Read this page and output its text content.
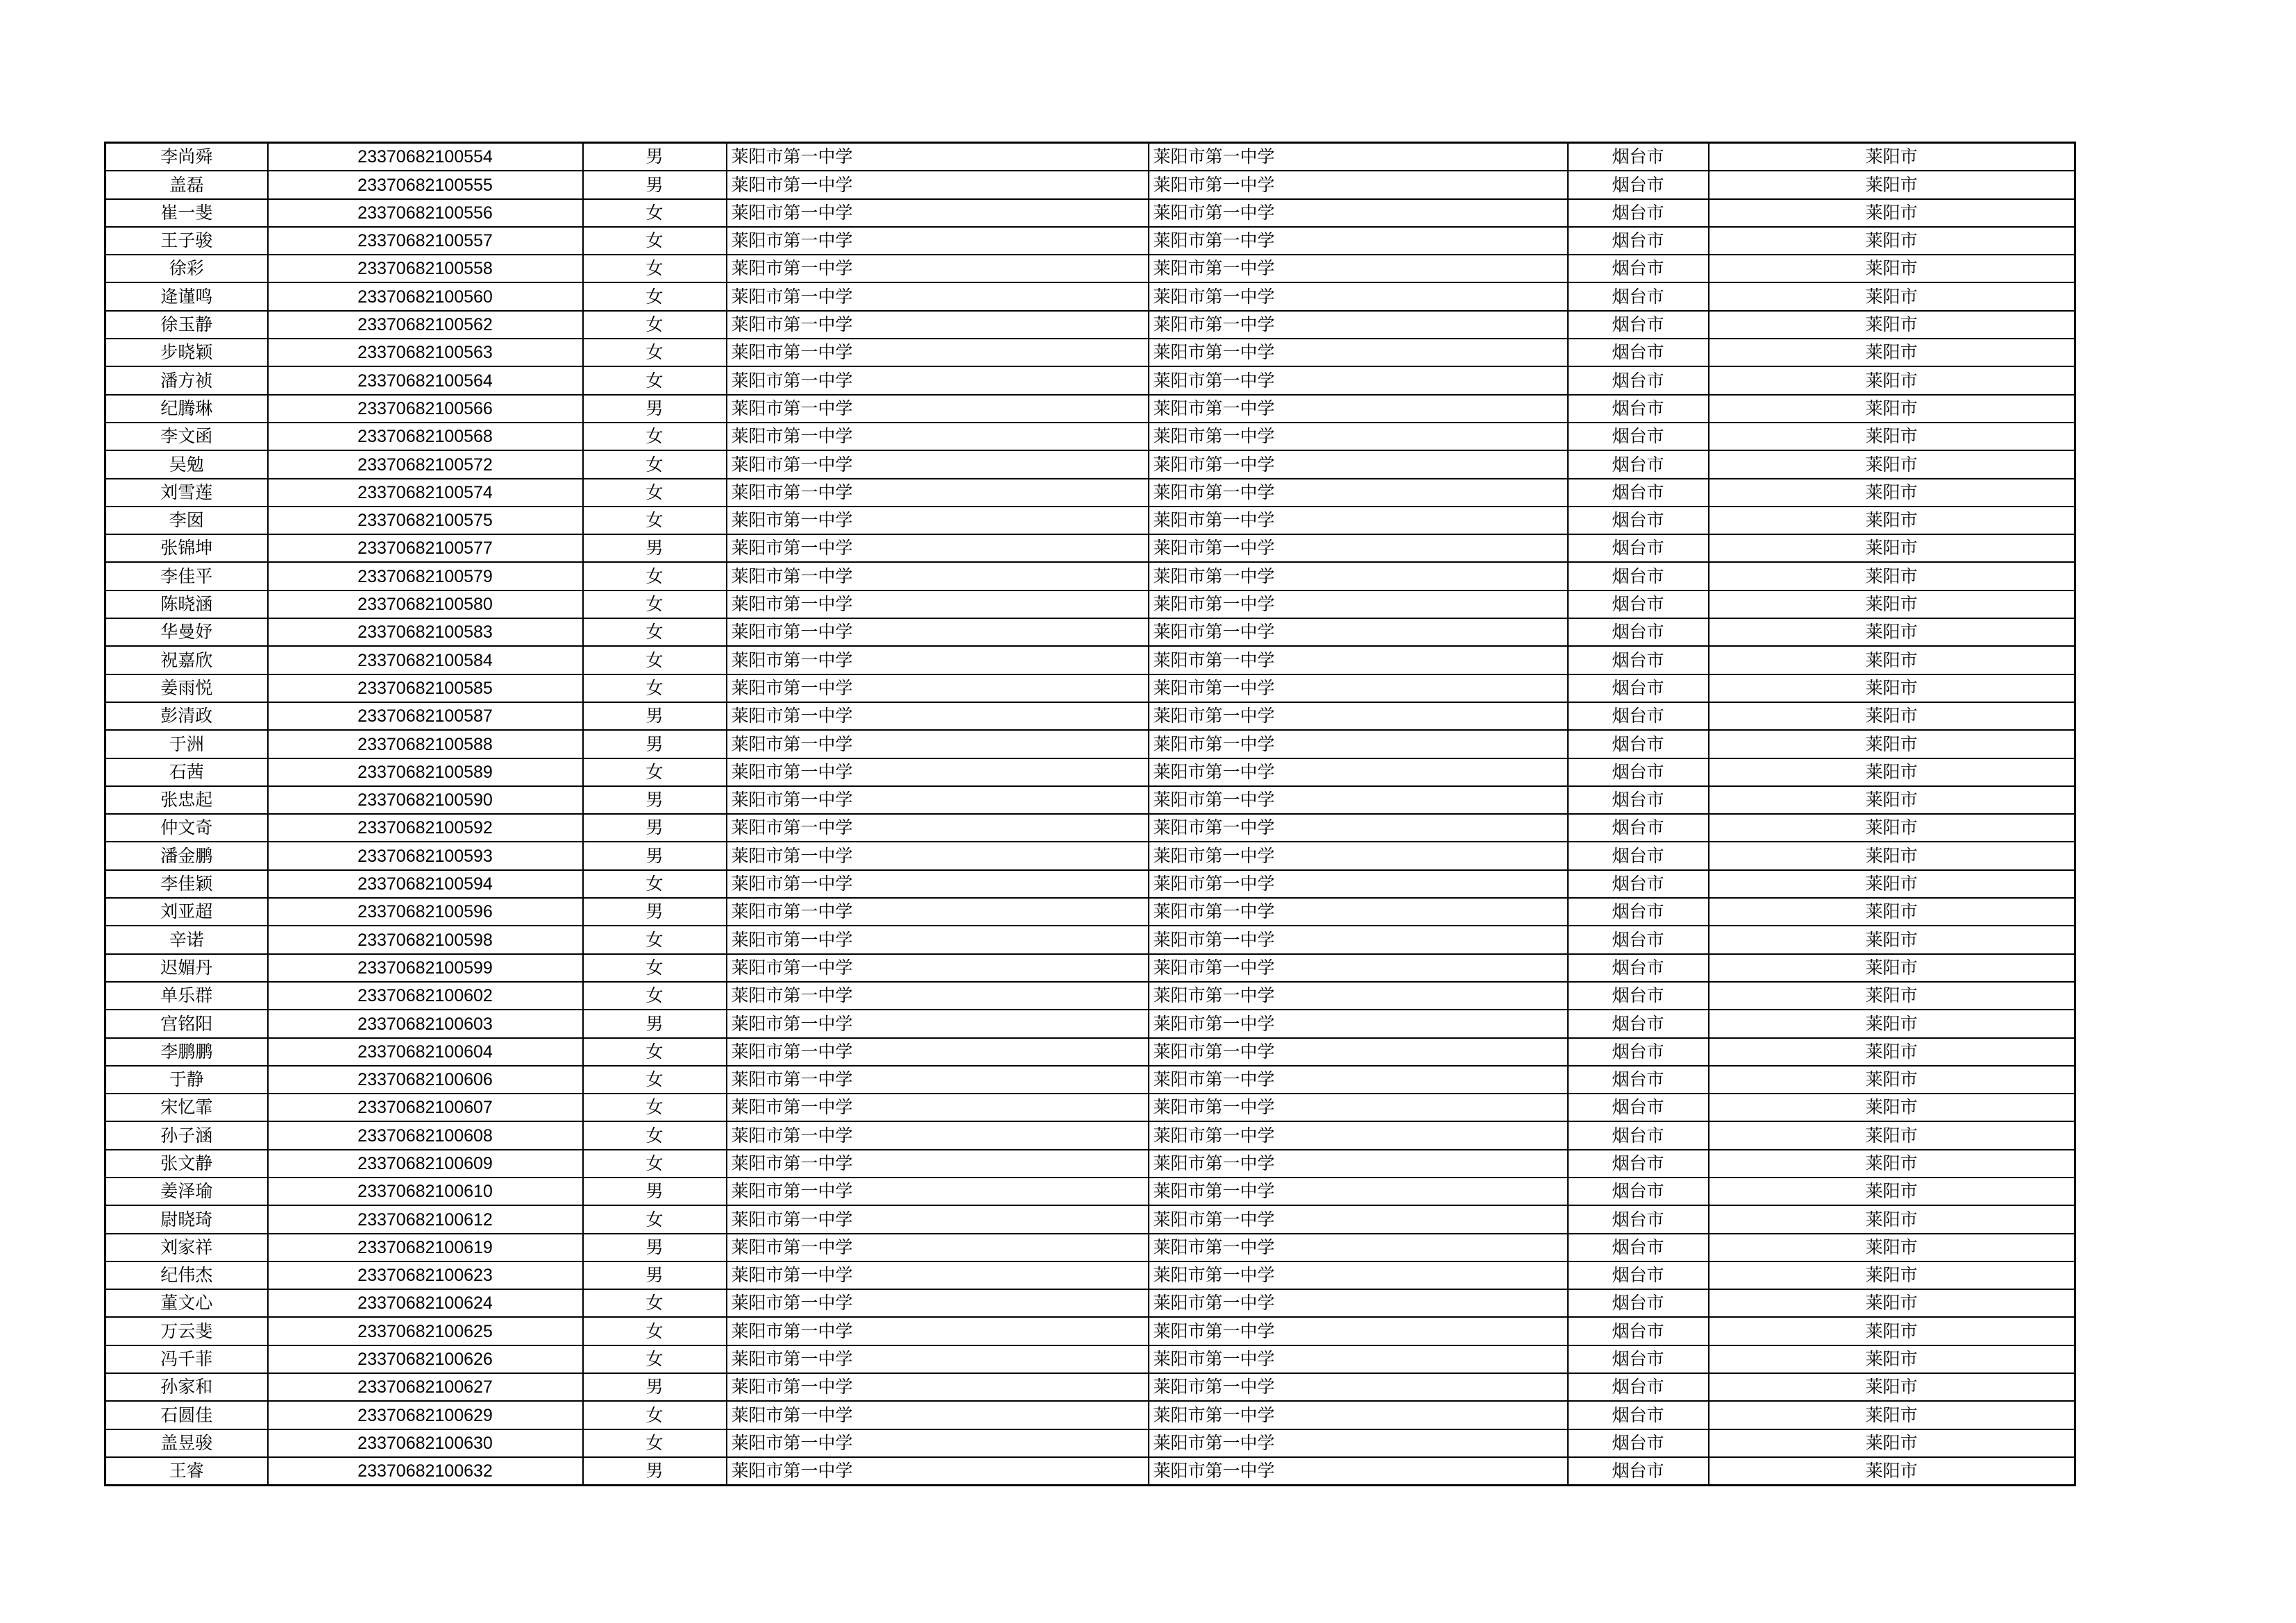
李尚舜	23370682100554	男	莱阳市第一中学	莱阳市第一中学	烟台市	莱阳市
盖磊	23370682100555	男	莱阳市第一中学	莱阳市第一中学	烟台市	莱阳市
崔一斐	23370682100556	女	莱阳市第一中学	莱阳市第一中学	烟台市	莱阳市
王子骏	23370682100557	女	莱阳市第一中学	莱阳市第一中学	烟台市	莱阳市
徐彩	23370682100558	女	莱阳市第一中学	莱阳市第一中学	烟台市	莱阳市
逄谨鸣	23370682100560	女	莱阳市第一中学	莱阳市第一中学	烟台市	莱阳市
徐玉静	23370682100562	女	莱阳市第一中学	莱阳市第一中学	烟台市	莱阳市
步晓颖	23370682100563	女	莱阳市第一中学	莱阳市第一中学	烟台市	莱阳市
潘方祯	23370682100564	女	莱阳市第一中学	莱阳市第一中学	烟台市	莱阳市
纪腾琳	23370682100566	男	莱阳市第一中学	莱阳市第一中学	烟台市	莱阳市
李文函	23370682100568	女	莱阳市第一中学	莱阳市第一中学	烟台市	莱阳市
吴勉	23370682100572	女	莱阳市第一中学	莱阳市第一中学	烟台市	莱阳市
刘雪莲	23370682100574	女	莱阳市第一中学	莱阳市第一中学	烟台市	莱阳市
李囡	23370682100575	女	莱阳市第一中学	莱阳市第一中学	烟台市	莱阳市
张锦坤	23370682100577	男	莱阳市第一中学	莱阳市第一中学	烟台市	莱阳市
李佳平	23370682100579	女	莱阳市第一中学	莱阳市第一中学	烟台市	莱阳市
陈晓涵	23370682100580	女	莱阳市第一中学	莱阳市第一中学	烟台市	莱阳市
华曼妤	23370682100583	女	莱阳市第一中学	莱阳市第一中学	烟台市	莱阳市
祝嘉欣	23370682100584	女	莱阳市第一中学	莱阳市第一中学	烟台市	莱阳市
姜雨悦	23370682100585	女	莱阳市第一中学	莱阳市第一中学	烟台市	莱阳市
彭清政	23370682100587	男	莱阳市第一中学	莱阳市第一中学	烟台市	莱阳市
于洲	23370682100588	男	莱阳市第一中学	莱阳市第一中学	烟台市	莱阳市
石茜	23370682100589	女	莱阳市第一中学	莱阳市第一中学	烟台市	莱阳市
张忠起	23370682100590	男	莱阳市第一中学	莱阳市第一中学	烟台市	莱阳市
仲文奇	23370682100592	男	莱阳市第一中学	莱阳市第一中学	烟台市	莱阳市
潘金鹏	23370682100593	男	莱阳市第一中学	莱阳市第一中学	烟台市	莱阳市
李佳颖	23370682100594	女	莱阳市第一中学	莱阳市第一中学	烟台市	莱阳市
刘亚超	23370682100596	男	莱阳市第一中学	莱阳市第一中学	烟台市	莱阳市
辛诺	23370682100598	女	莱阳市第一中学	莱阳市第一中学	烟台市	莱阳市
迟媚丹	23370682100599	女	莱阳市第一中学	莱阳市第一中学	烟台市	莱阳市
单乐群	23370682100602	女	莱阳市第一中学	莱阳市第一中学	烟台市	莱阳市
宫铭阳	23370682100603	男	莱阳市第一中学	莱阳市第一中学	烟台市	莱阳市
李鹏鹏	23370682100604	女	莱阳市第一中学	莱阳市第一中学	烟台市	莱阳市
于静	23370682100606	女	莱阳市第一中学	莱阳市第一中学	烟台市	莱阳市
宋忆霏	23370682100607	女	莱阳市第一中学	莱阳市第一中学	烟台市	莱阳市
孙子涵	23370682100608	女	莱阳市第一中学	莱阳市第一中学	烟台市	莱阳市
张文静	23370682100609	女	莱阳市第一中学	莱阳市第一中学	烟台市	莱阳市
姜泽瑜	23370682100610	男	莱阳市第一中学	莱阳市第一中学	烟台市	莱阳市
尉晓琦	23370682100612	女	莱阳市第一中学	莱阳市第一中学	烟台市	莱阳市
刘家祥	23370682100619	男	莱阳市第一中学	莱阳市第一中学	烟台市	莱阳市
纪伟杰	23370682100623	男	莱阳市第一中学	莱阳市第一中学	烟台市	莱阳市
董文心	23370682100624	女	莱阳市第一中学	莱阳市第一中学	烟台市	莱阳市
万云斐	23370682100625	女	莱阳市第一中学	莱阳市第一中学	烟台市	莱阳市
冯千菲	23370682100626	女	莱阳市第一中学	莱阳市第一中学	烟台市	莱阳市
孙家和	23370682100627	男	莱阳市第一中学	莱阳市第一中学	烟台市	莱阳市
石圆佳	23370682100629	女	莱阳市第一中学	莱阳市第一中学	烟台市	莱阳市
盖昱骏	23370682100630	女	莱阳市第一中学	莱阳市第一中学	烟台市	莱阳市
王睿	23370682100632	男	莱阳市第一中学	莱阳市第一中学	烟台市	莱阳市
